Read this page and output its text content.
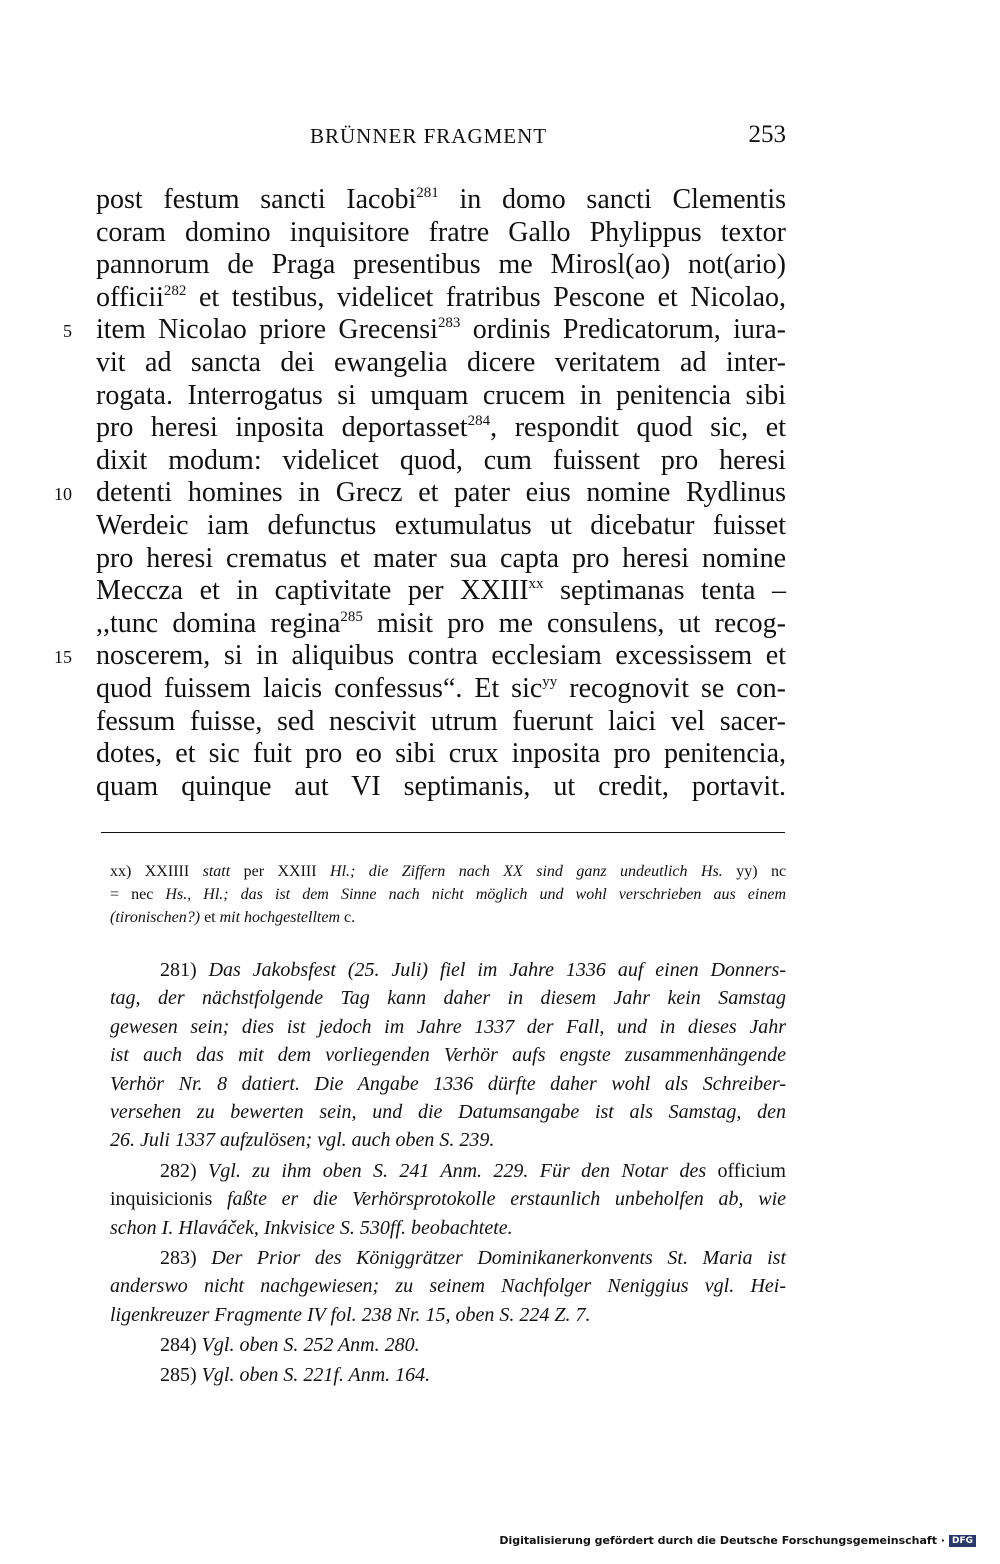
BRÜNNER FRAGMENT	253
post festum sancti Iacobi$^{281}$ in domo sancti Clementis
coram domino inquisitore fratre Gallo Phylippus textor
pannorum de Praga presentibus me Mirosl(ao) not(ario)
officii$^{282}$ et testibus, videlicet fratribus Pescone et Nicolao,
5 item Nicolao priore Grecensi$^{283}$ ordinis Predicatorum, iura-
vit ad sancta dei ewangelia dicere veritatem ad inter-
rogata. Interrogatus si umquam crucem in penitencia sibi
pro heresi inposita deportasset$^{284}$, respondit quod sic, et
dixit modum: videlicet quod, cum fuissent pro heresi
10 detenti homines in Grecz et pater eius nomine Rydlinus
Werdeic iam defunctus extumulatus ut dicebatur fuisset
pro heresi crematus et mater sua capta pro heresi nomine
Meccza et in captivitate per XXIII$^{xx}$ septimanas tenta –
,,tunc domina regina$^{285}$ misit pro me consulens, ut recog-
15 noscerem, si in aliquibus contra ecclesiam excessissem et
quod fuissem laicis confessus“. Et sic$^{yy}$ recognovit se con-
fessum fuisse, sed nescivit utrum fuerunt laici vel sacer-
dotes, et sic fuit pro eo sibi crux inposita pro penitencia,
quam quinque aut VI septimanis, ut credit, portavit.
xx) XXIIII statt per XXIII Hl.; die Ziffern nach XX sind ganz undeutlich Hs. yy) nc
= nec Hs., Hl.; das ist dem Sinne nach nicht möglich und wohl verschrieben aus einem
(tironischen?) et mit hochgestelltem c.
281) Das Jakobsfest (25. Juli) fiel im Jahre 1336 auf einen Donners-
tag, der nächstfolgende Tag kann daher in diesem Jahr kein Samstag
gewesen sein; dies ist jedoch im Jahre 1337 der Fall, und in dieses Jahr
ist auch das mit dem vorliegenden Verhör aufs engste zusammenhängende
Verhör Nr. 8 datiert. Die Angabe 1336 dürfte daher wohl als Schreiber-
versehen zu bewerten sein, und die Datumsangabe ist als Samstag, den
26. Juli 1337 aufzulösen; vgl. auch oben S. 239.
282) Vgl. zu ihm oben S. 241 Anm. 229. Für den Notar des officium
inquisicionis faßte er die Verhörsprotokolle erstaunlich unbeholfen ab, wie
schon I. Hlaváček, Inkvisice S. 530ff. beobachtete.
283) Der Prior des Königgrätzer Dominikanerkonvents St. Maria ist
anderswo nicht nachgewiesen; zu seinem Nachfolger Neniggius vgl. Hei-
ligenkreuzer Fragmente IV fol. 238 Nr. 15, oben S. 224 Z. 7.
284) Vgl. oben S. 252 Anm. 280.
285) Vgl. oben S. 221f. Anm. 164.
Digitalisierung gefördert durch die Deutsche Forschungsgemeinschaft · DFG
